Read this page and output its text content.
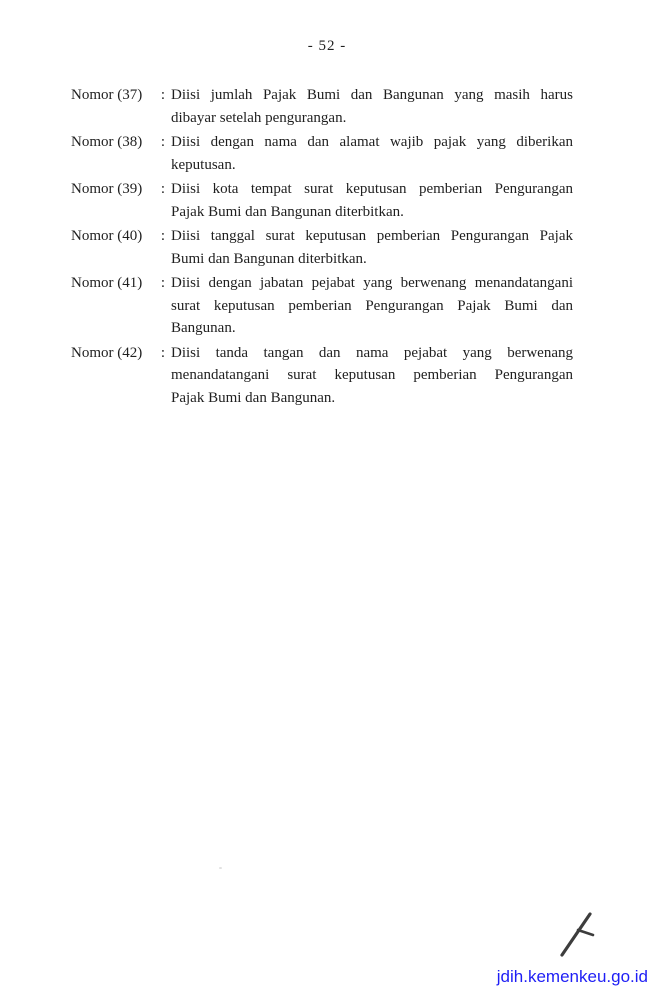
- 52 -
Nomor (37)	: Diisi jumlah Pajak Bumi dan Bangunan yang masih harus
dibayar setelah pengurangan.
Nomor (38)	: Diisi dengan nama dan alamat wajib pajak yang diberikan
keputusan.
Nomor (39)	: Diisi kota tempat surat keputusan pemberian Pengurangan
Pajak Bumi dan Bangunan diterbitkan.
Nomor (40)	: Diisi tanggal surat keputusan pemberian Pengurangan Pajak
Bumi dan Bangunan diterbitkan.
Nomor (41)	: Diisi dengan jabatan pejabat yang berwenang menandatangani
surat keputusan pemberian Pengurangan Pajak Bumi dan
Bangunan.
Nomor (42)	: Diisi tanda tangan dan nama pejabat yang berwenang
menandatangani surat keputusan pemberian Pengurangan
Pajak Bumi dan Bangunan.
jdih.kemenkeu.go.id
